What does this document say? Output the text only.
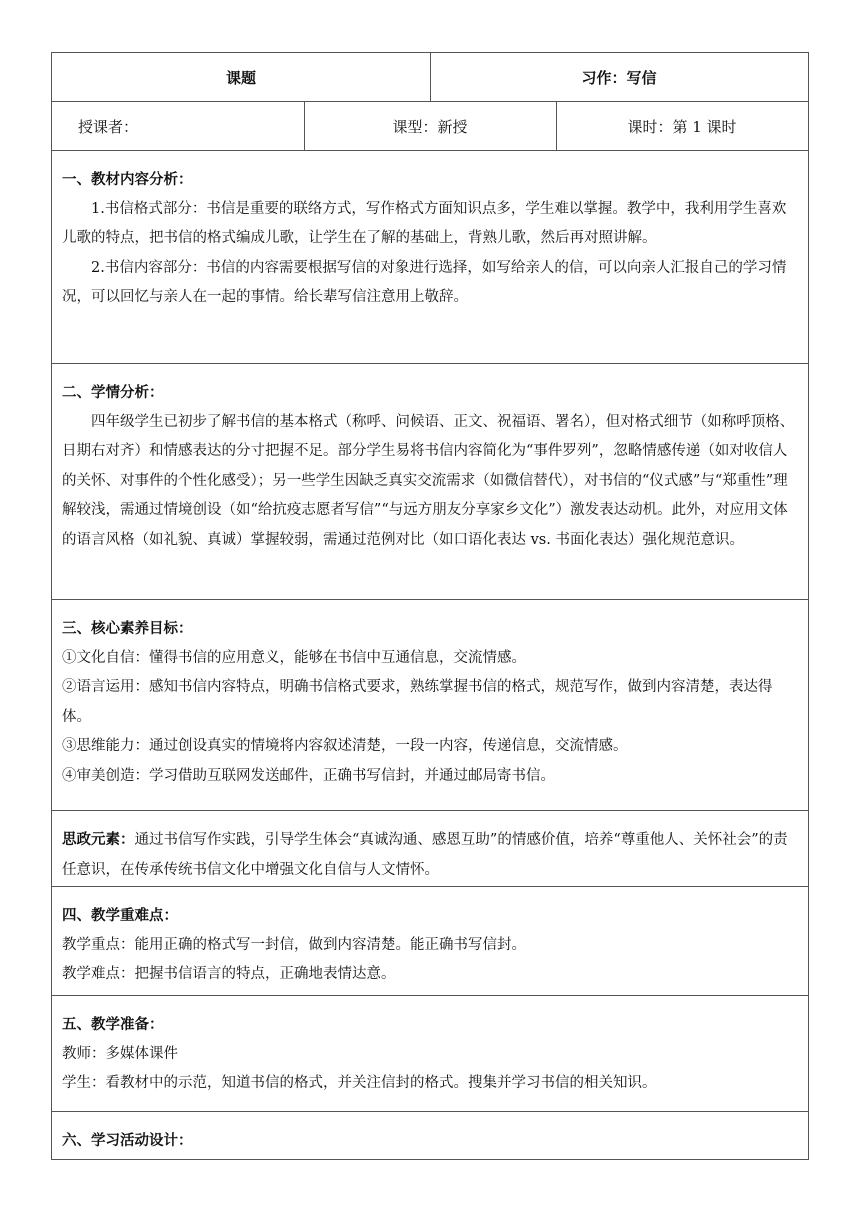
课题	习作：写信
授课者：	课型：新授	课时：第 1 课时
一、教材内容分析：

1.书信格式部分：书信是重要的联络方式，写作格式方面知识点多，学生难以掌握。教学中，我利用学生喜欢儿歌的特点，把书信的格式编成儿歌，让学生在了解的基础上，背熟儿歌，然后再对照讲解。

2.书信内容部分：书信的内容需要根据写信的对象进行选择，如写给亲人的信，可以向亲人汇报自己的学习情况，可以回忆与亲人在一起的事情。给长辈写信注意用上敬辞。

二、学情分析：

四年级学生已初步了解书信的基本格式（称呼、问候语、正文、祝福语、署名），但对格式细节（如称呼顶格、日期右对齐）和情感表达的分寸把握不足。部分学生易将书信内容简化为“事件罗列”，忽略情感传递（如对收信人的关怀、对事件的个性化感受）；另一些学生因缺乏真实交流需求（如微信替代），对书信的“仪式感”与“郑重性”理解较浅，需通过情境创设（如“给抗疫志愿者写信”“与远方朋友分享家乡文化”）激发表达动机。此外，对应用文体的语言风格（如礼貌、真诚）掌握较弱，需通过范例对比（如口语化表达 vs. 书面化表达）强化规范意识。

三、核心素养目标：

①文化自信：懂得书信的应用意义，能够在书信中互通信息，交流情感。

②语言运用：感知书信内容特点，明确书信格式要求，熟练掌握书信的格式，规范写作，做到内容清楚，表达得体。

③思维能力：通过创设真实的情境将内容叙述清楚，一段一内容，传递信息，交流情感。

④审美创造：学习借助互联网发送邮件，正确书写信封，并通过邮局寄书信。

思政元素：通过书信写作实践，引导学生体会“真诚沟通、感恩互助”的情感价值，培养“尊重他人、关怀社会”的责任意识，在传承传统书信文化中增强文化自信与人文情怀。

四、教学重难点：

教学重点：能用正确的格式写一封信，做到内容清楚。能正确书写信封。

教学难点：把握书信语言的特点，正确地表情达意。

五、教学准备：

教师：多媒体课件

学生：看教材中的示范，知道书信的格式，并关注信封的格式。搜集并学习书信的相关知识。

六、学习活动设计：
